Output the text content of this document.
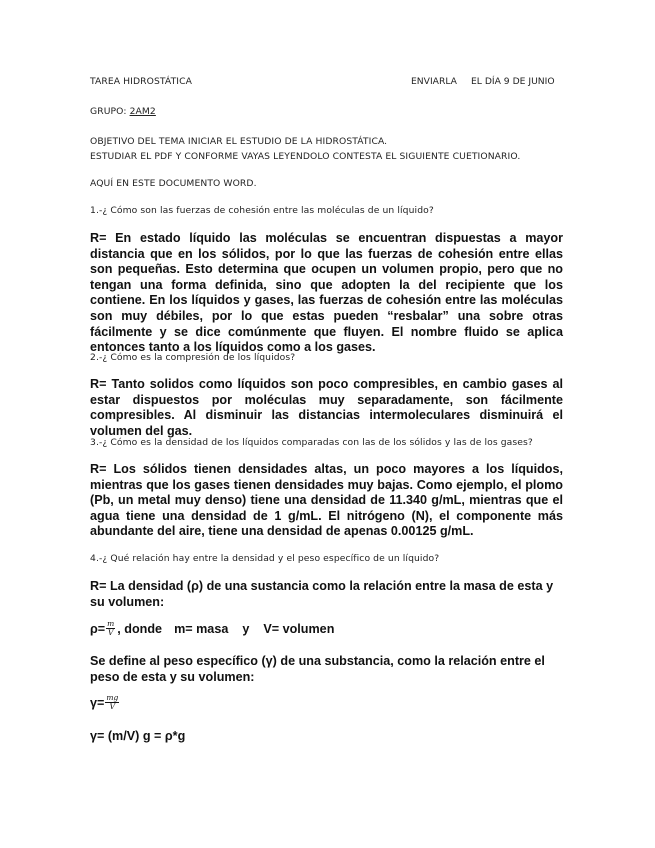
TAREA HIDROSTÁTICA	ENVIARLA EL DÍA 9 DE JUNIO
GRUPO: 2AM2
OBJETIVO DEL TEMA INICIAR EL ESTUDIO DE LA HIDROSTÁTICA.
ESTUDIAR EL PDF Y CONFORME VAYAS LEYENDOLO CONTESTA EL SIGUIENTE CUETIONARIO.
AQUÍ EN ESTE DOCUMENTO WORD.
1.-¿ Cómo son las fuerzas de cohesión entre las moléculas de un líquido?
R= En estado líquido las moléculas se encuentran dispuestas a mayor distancia que en los sólidos, por lo que las fuerzas de cohesión entre ellas son pequeñas. Esto determina que ocupen un volumen propio, pero que no tengan una forma definida, sino que adopten la del recipiente que los contiene. En los líquidos y gases, las fuerzas de cohesión entre las moléculas son muy débiles, por lo que estas pueden “resbalar” una sobre otras fácilmente y se dice comúnmente que fluyen. El nombre fluido se aplica entonces tanto a los líquidos como a los gases.
2.-¿ Cómo es la compresión de los líquidos?
R= Tanto solidos como líquidos son poco compresibles, en cambio gases al estar dispuestos por moléculas muy separadamente, son fácilmente compresibles. Al disminuir las distancias intermoleculares disminuirá el volumen del gas.
3.-¿ Cómo es la densidad de los líquidos comparadas con las de los sólidos y las de los gases?
R= Los sólidos tienen densidades altas, un poco mayores a los líquidos, mientras que los gases tienen densidades muy bajas. Como ejemplo, el plomo (Pb, un metal muy denso) tiene una densidad de 11.340 g/mL, mientras que el agua tiene una densidad de 1 g/mL. El nitrógeno (N), el componente más abundante del aire, tiene una densidad de apenas 0.00125 g/mL.
4.-¿ Qué relación hay entre la densidad y el peso específico de un líquido?
R= La densidad (ρ) de una sustancia como la relación entre la masa de esta y su volumen:
$\rho= \frac{m}{V}$ , donde m= masa y V= volumen
Se define al peso específico (γ) de una substancia, como la relación entre el peso de esta y su volumen:
$\gamma= \frac{mg}{V}$
γ= (m/V) g = ρ*g
